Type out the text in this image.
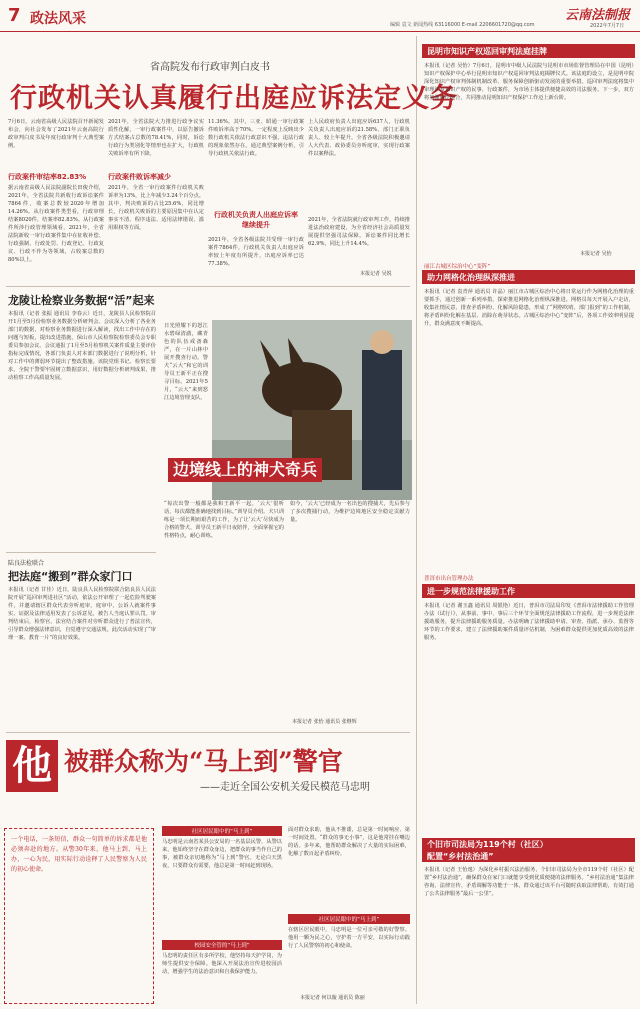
7 政法风采	编辑 袁文 新闻热线 63116000 E-mail 2206601720@qq.com
云南法制报
2022年7月7日
省高院发布行政审判白皮书
行政机关认真履行出庭应诉法定义务
7月6日，云南省高级人民法院召开新闻发布会，向社会发布了2021年云南高院行政审判白皮书及年度行政审判十大典型案例。
行政案件审结率82.83%
据云南省高级人民法院副院长田俊介绍，2021年，全省法院共新收行政诉讼案件7864件，收案总数较2020年增加14.26%。从行政案件类型看，行政审理结案8020件，结案率82.83%。从行政案件所涉行政管理领域看，2021年，全省法院新收一审行政案件集中在征收补偿、行政强制、行政处罚、行政登记、行政复议、行政不作为等领域，占收案总数的80%以上。
2021年，全省法院大力推进行政争议实质性化解，一审行政案件中，以原告撤诉方式结案占总数的78.41%，同时，诉讼行政行为类别化等情形也在扩大，行政机关败诉率有所下降。
行政案件败诉率减少
2021年，全省一审行政案件行政机关败诉率为13%，比上年减少3.24个百分点。其中，判决败诉的占比25.6%，同比增长，行政机关败诉的主要原因集中在认定事实不清、程序违法、适用法律错误、滥用职权等方面。
11.36%。其中，三亚、昭通一审行政案件败诉率高于70%。一定程度上反映出少数行政机关依法行政意识不强，违法行政的现象依然存在。通过典型案例分析，引导行政机关依法行政。
行政机关负责人出庭应诉率继续提升
2021年，全省各级法院共受理一审行政案件7864件，行政机关负责人出庭应诉率较上年度有所提升，出庭应诉率已达77.38%。
上人民政府负责人出庭应诉637人，行政机关负责人出庭应诉的21.58%，部门正职负责人、较上年提升。全省各级法院积极邀请人大代表、政协委员旁听庭审，实现行政案件以案释法。
2021年，全省法院就行政审判工作，持续推进法治政府建设，为全省经济社会高质量发展提供坚强司法保障。诉讼案件同比增长62.9%，同比上升14.4%。
本报记者 吴锐
龙陵让检察业务数据“活”起来
本报讯（记者 张振 通讯员 李春云）近日，龙陵县人民检察院召开1月至5月份检察业务数据分析研判会。会议深入分析了各业务部门的数据，对检察业务数据进行深入解读，找出工作中存在的问题与短板，提出改进措施。保山市人民检察院检察委员会专职委员参加会议。会议通报了1月至5月检察机关案件质量主要评价指标完成情况，各部门负责人对本部门数据进行了说明分析，针对工作中的薄弱环节提出了整改措施。该院党组书记、检察长要求，全院干警要牢固树立数据意识，用好数据分析研判成果，推动检察工作高质量发展。
陆良法检联合
把法庭“搬到”群众家门口
本报讯（记者 甘佳）近日，陆良县人民检察院联合陆良县人民法院开展“巡回审判进社区”活动，依法公开审理了一起危险驾驶案件，并邀请辖区群众代表旁听庭审。庭审中，公诉人就案件事实、证据及法律适用发表了公诉意见，被告人当庭认罪认罚。审判结束后，检察官、法官结合案件对旁听群众进行了普法宣传，引导群众增强法律意识，自觉遵守交通法规。此次活动实现了“审理一案、教育一片”的良好效果。
边境线上的神犬奇兵
日光照耀下的怒江水碧绿清澈，藏青色的队伍戒备森严，在一片山林中展开搜查行动。警犬“云大”和它的训导员王新平正在搜寻目标。2021年5月，“云大”来到怒江边境管理支队。
“每次出警一般都是我和王新平一起，‘云大’很听话，每次都能准确地找到目标。”训导员介绍。犬只训练是一项长期而艰苦的工作，为了让‘云大’尽快成为合格的警犬，训导员王新平日夜陪伴，全面掌握它的性格特点，耐心训练。
如今，‘云大’已经成为一名出色的搜捕犬，先后参与了多次搜捕行动，为维护边境地区安全稳定贡献力量。
本报记者 张怡 通讯员 张继辉
昆明市知识产权巡回审判法庭挂牌
本报讯（记者 吴怡）7月6日，昆明市中级人民法院与昆明市市场监督管理局在中国（昆明）知识产权保护中心举行昆明市知识产权巡回审判法庭揭牌仪式。该法庭的设立，是昆明中院深化知识产权审判体制机制改革、服务保障创新驱动发展的重要举措。巡回审判法庭将集中审理涉及知识产权的民事、行政案件，为市场主体提供便捷高效的司法服务。下一步，双方将加强协作配合，共同推动昆明知识产权保护工作迈上新台阶。
本报记者 吴怡
丽江古城区综治中心“变阵”
助力网格化治理纵深推进
本报讯（记者 袁青萍 通讯员 许晶）丽江市古城区综治中心将日常运行作为网格化治理的重要抓手，通过创新一系列举措，探索推进网格化治理纵深推进。网格员每天开展入户走访，收集社情民意、排查矛盾纠纷、化解风险隐患，形成了“网格吹哨、部门报到”的工作机制，将矛盾纠纷化解在基层、消除在萌芽状态。古城区综治中心“变阵”后，各项工作效率明显提升，群众满意度不断提高。
普洱市出台管理办法
进一步规范法律援助工作
本报讯（记者 谢玉鑫 通讯员 周银艳）近日，普洱市司法局印发《普洱市法律援助工作管理办法（试行）》，从事前、事中、事后三个环节全面规范法律援助工作流程，进一步规范法律援助服务，提升法律援助服务质量。办法明确了法律援助申请、审查、指派、承办、监督等环节的工作要求，建立了法律援助案件质量评估机制，为困难群众提供更加优质高效的法律服务。
个旧市司法局为119个村（社区）
配置“乡村法治通”
本报讯（记者 王怡逸）为深化乡村振兴法治服务，个旧市司法局为全市119个村（社区）配置“乡村法治通”，确保群众在家门口就能享受到优质便捷的法律服务。“乡村法治通”集法律咨询、法律宣传、矛盾调解等功能于一体，群众通过该平台可随时获取法律帮助，有效打通了公共法律服务“最后一公里”。
他 被群众称为“马上到”警官
——走近全国公安机关爱民模范马忠明
一个电话，一条短信，群众一句简单的诉求都是他必须奔赴的地方。从警30年来，他马上到、马上办，一心为民，用实际行动诠释了人民警察为人民的初心使命。
社区居民眼中的“马上到”
马忠明是云南省某县公安局的一名基层民警，从警以来，他始终坚守在群众身边，把群众的事当作自己的事，被群众亲切地称为“马上到”警官。无论白天黑夜，只要群众有需要，他总是第一时间赶到现场。
校园安全管的“马上到”
马忠明的责任区有多所学校，他坚持每天护学岗，为师生提供安全保障。他深入开展法治宣传进校园活动，增强学生的法治意识和自我保护能力。
面对群众求助，他从不推诿，总是第一时间响应、第一时间处置。“群众的事无小事”，这是他常挂在嘴边的话。多年来，他帮助群众解决了大量的实际困难，化解了数百起矛盾纠纷。
社区居民眼中的“马上到”
在辖区居民眼中，马忠明是一位可亲可敬的好警察。他用一颗为民之心，守护着一方平安，以实际行动践行了人民警察的初心和使命。
本报记者 何以璇 通讯员 陈丽
